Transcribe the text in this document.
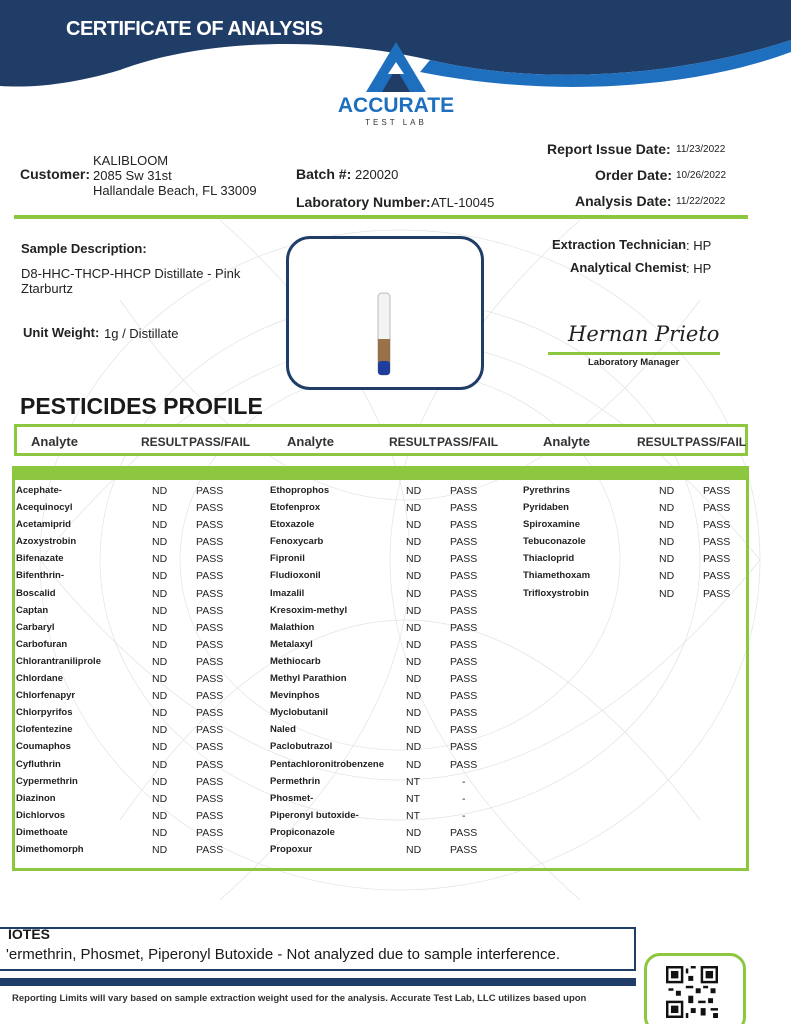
CERTIFICATE OF ANALYSIS
ACCURATE
TEST LAB
Customer:
KALIBLOOM
2085 Sw 31st
Hallandale Beach, FL 33009
Batch #: 220020
Laboratory Number: ATL-10045
Report Issue Date: 11/23/2022
Order Date: 10/26/2022
Analysis Date: 11/22/2022
Sample Description:
D8-HHC-THCP-HHCP Distillate - Pink
Ztarburtz
Unit Weight: 1g / Distillate
Extraction Technician : HP
Analytical Chemist : HP
Hernan Prieto
Laboratory Manager
PESTICIDES PROFILE
Analyte	RESULT PASS/FAIL	Analyte	RESULT PASS/FAIL	Analyte	RESULT PASS/FAIL
Acephate-	ND	PASS
Acequinocyl	ND	PASS
Acetamiprid	ND	PASS
Azoxystrobin	ND	PASS
Bifenazate	ND	PASS
Bifenthrin-	ND	PASS
Boscalid	ND	PASS
Captan	ND	PASS
Carbaryl	ND	PASS
Carbofuran	ND	PASS
Chlorantraniliprole	ND	PASS
Chlordane	ND	PASS
Chlorfenapyr	ND	PASS
Chlorpyrifos	ND	PASS
Clofentezine	ND	PASS
Coumaphos	ND	PASS
Cyfluthrin	ND	PASS
Cypermethrin	ND	PASS
Diazinon	ND	PASS
Dichlorvos	ND	PASS
Dimethoate	ND	PASS
Dimethomorph	ND	PASS
Ethoprophos	ND	PASS
Etofenprox	ND	PASS
Etoxazole	ND	PASS
Fenoxycarb	ND	PASS
Fipronil	ND	PASS
Fludioxonil	ND	PASS
Imazalil	ND	PASS
Kresoxim-methyl	ND	PASS
Malathion	ND	PASS
Metalaxyl	ND	PASS
Methiocarb	ND	PASS
Methyl Parathion	ND	PASS
Mevinphos	ND	PASS
Myclobutanil	ND	PASS
Naled	ND	PASS
Paclobutrazol	ND	PASS
Pentachloronitrobenzene ND	PASS
Permethrin	NT	-
Phosmet-	NT	-
Piperonyl butoxide-	NT	-
Propiconazole	ND	PASS
Propoxur	ND	PASS
Pyrethrins	ND	PASS
Pyridaben	ND	PASS
Spiroxamine	ND	PASS
Tebuconazole	ND	PASS
Thiacloprid	ND	PASS
Thiamethoxam	ND	PASS
Trifloxystrobin	ND	PASS
IOTES
'ermethrin, Phosmet, Piperonyl Butoxide - Not analyzed due to sample interference.
Reporting Limits will vary based on sample extraction weight used for the analysis. Accurate Test Lab, LLC utilizes based upon
